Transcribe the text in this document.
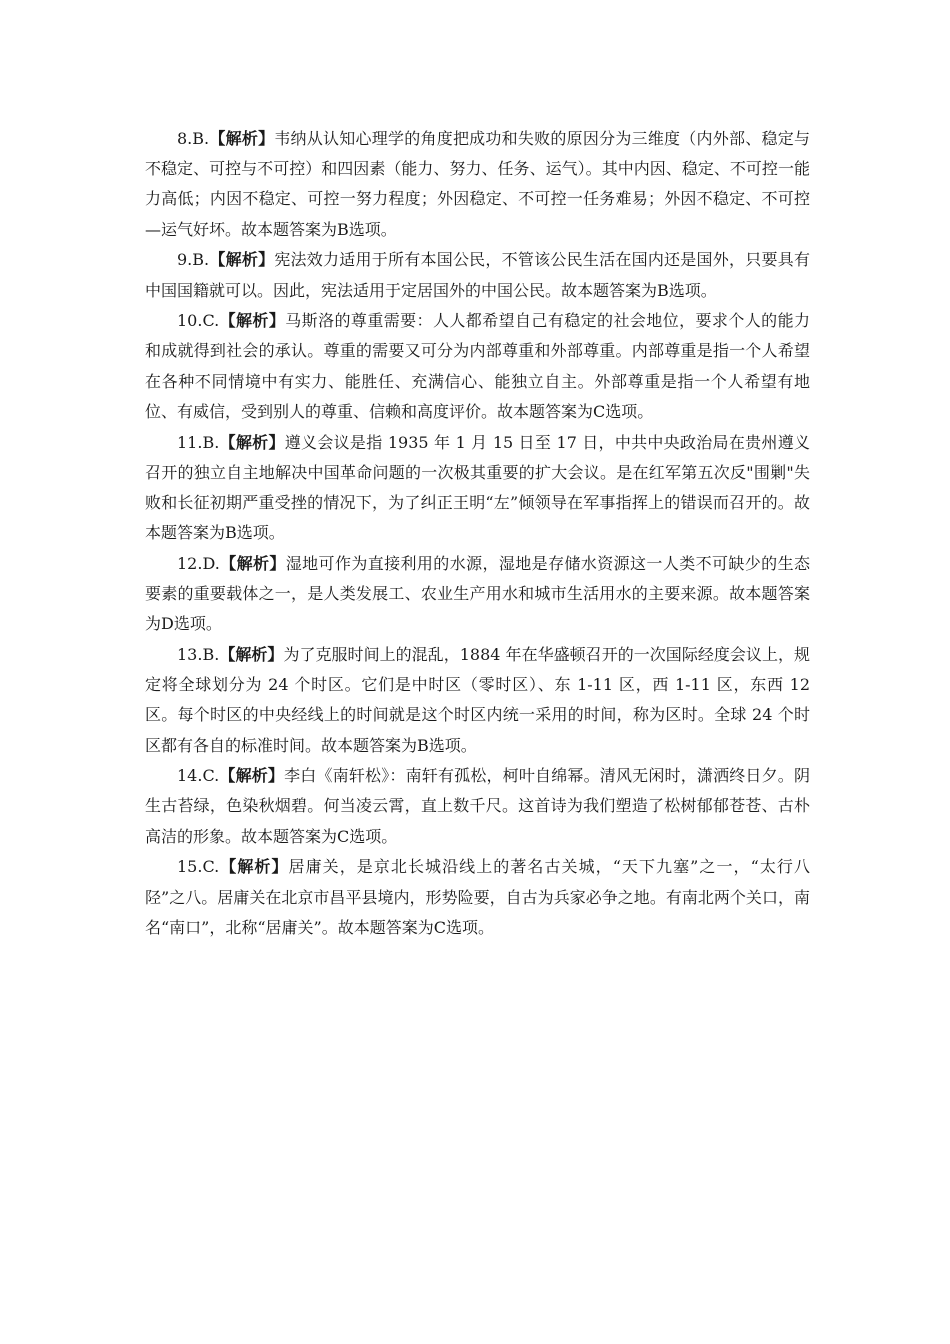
8.B.【解析】韦纳从认知心理学的角度把成功和失败的原因分为三维度（内外部、稳定与不稳定、可控与不可控）和四因素（能力、努力、任务、运气）。其中内因、稳定、不可控一能力高低；内因不稳定、可控一努力程度；外因稳定、不可控一任务难易；外因不稳定、不可控—运气好坏。故本题答案为B选项。

9.B.【解析】宪法效力适用于所有本国公民，不管该公民生活在国内还是国外，只要具有中国国籍就可以。因此，宪法适用于定居国外的中国公民。故本题答案为B选项。

10.C.【解析】马斯洛的尊重需要：人人都希望自己有稳定的社会地位，要求个人的能力和成就得到社会的承认。尊重的需要又可分为内部尊重和外部尊重。内部尊重是指一个人希望在各种不同情境中有实力、能胜任、充满信心、能独立自主。外部尊重是指一个人希望有地位、有威信，受到别人的尊重、信赖和高度评价。故本题答案为C选项。

11.B.【解析】遵义会议是指 1935 年 1 月 15 日至 17 日，中共中央政治局在贵州遵义召开的独立自主地解决中国革命问题的一次极其重要的扩大会议。是在红军第五次反"围剿"失败和长征初期严重受挫的情况下，为了纠正王明“左”倾领导在军事指挥上的错误而召开的。故本题答案为B选项。

12.D.【解析】湿地可作为直接利用的水源，湿地是存储水资源这一人类不可缺少的生态要素的重要载体之一，是人类发展工、农业生产用水和城市生活用水的主要来源。故本题答案为D选项。

13.B.【解析】为了克服时间上的混乱，1884 年在华盛顿召开的一次国际经度会议上，规定将全球划分为 24 个时区。它们是中时区（零时区）、东 1-11 区，西 1-11 区，东西 12 区。每个时区的中央经线上的时间就是这个时区内统一采用的时间，称为区时。全球 24 个时区都有各自的标准时间。故本题答案为B选项。

14.C.【解析】李白《南轩松》：南轩有孤松，柯叶自绵幂。清风无闲时，潇洒终日夕。阴生古苔绿，色染秋烟碧。何当凌云霄，直上数千尺。这首诗为我们塑造了松树郁郁苍苍、古朴高洁的形象。故本题答案为C选项。

15.C.【解析】居庸关，是京北长城沿线上的著名古关城，“天下九塞”之一，“太行八陉”之八。居庸关在北京市昌平县境内，形势险要，自古为兵家必争之地。有南北两个关口，南名“南口”，北称“居庸关”。故本题答案为C选项。
